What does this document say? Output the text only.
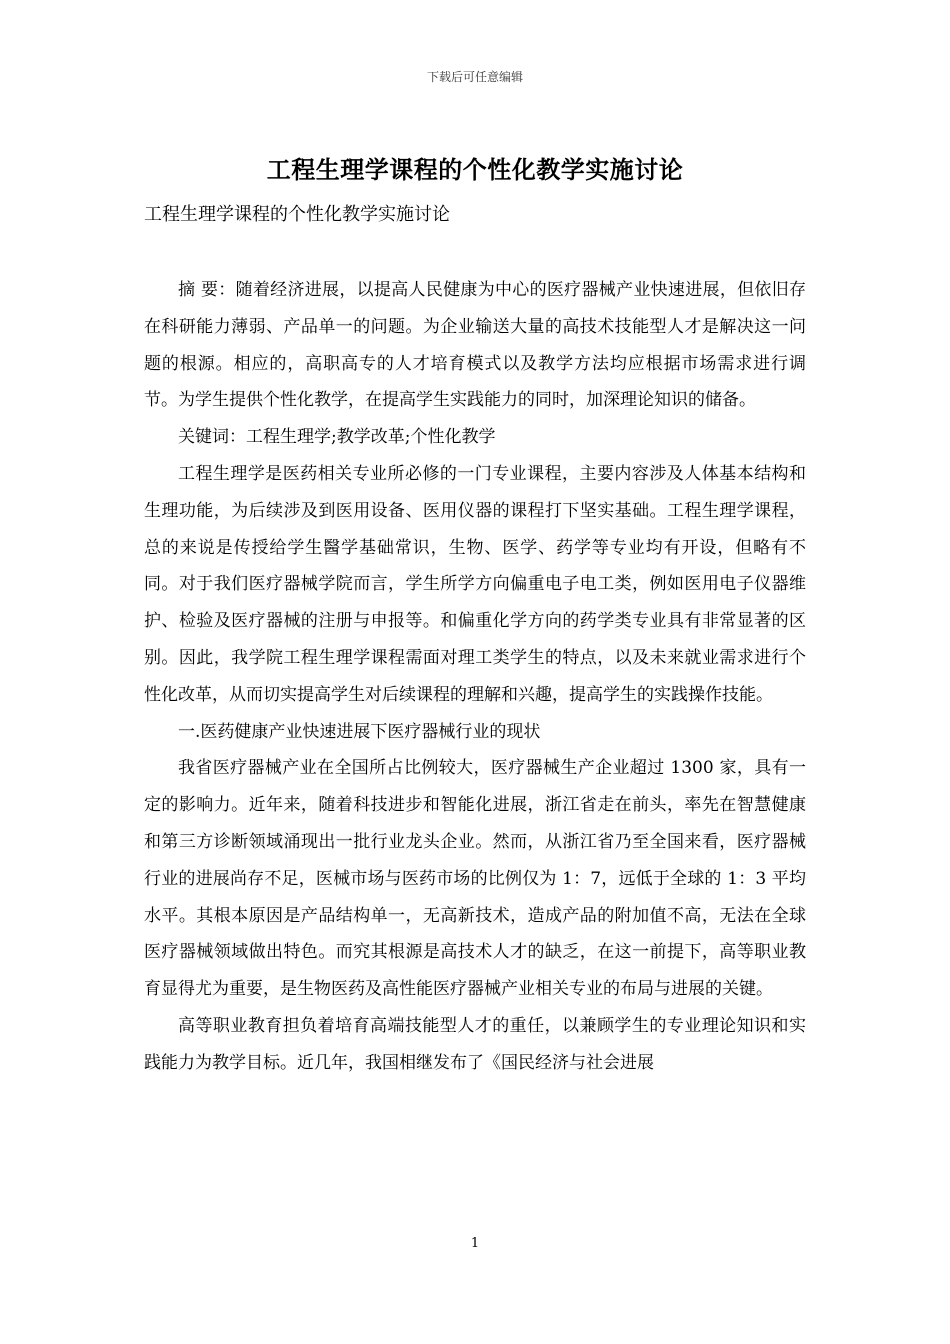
下载后可任意编辑
工程生理学课程的个性化教学实施讨论
工程生理学课程的个性化教学实施讨论

摘 要：随着经济进展，以提高人民健康为中心的医疗器械产业快速进展，但依旧存在科研能力薄弱、产品单一的问题。为企业输送大量的高技术技能型人才是解决这一问题的根源。相应的，高职高专的人才培育模式以及教学方法均应根据市场需求进行调节。为学生提供个性化教学，在提高学生实践能力的同时，加深理论知识的储备。

关键词：工程生理学;教学改革;个性化教学

工程生理学是医药相关专业所必修的一门专业课程，主要内容涉及人体基本结构和生理功能，为后续涉及到医用设备、医用仪器的课程打下坚实基础。工程生理学课程，总的来说是传授给学生醫学基础常识，生物、医学、药学等专业均有开设，但略有不同。对于我们医疗器械学院而言，学生所学方向偏重电子电工类，例如医用电子仪器维护、检验及医疗器械的注册与申报等。和偏重化学方向的药学类专业具有非常显著的区别。因此，我学院工程生理学课程需面对理工类学生的特点，以及未来就业需求进行个性化改革，从而切实提高学生对后续课程的理解和兴趣，提高学生的实践操作技能。

一.医药健康产业快速进展下医疗器械行业的现状

我省医疗器械产业在全国所占比例较大，医疗器械生产企业超过 1300 家，具有一定的影响力。近年来，随着科技进步和智能化进展，浙江省走在前头，率先在智慧健康和第三方诊断领域涌现出一批行业龙头企业。然而，从浙江省乃至全国来看，医疗器械行业的进展尚存不足，医械市场与医药市场的比例仅为 1：7，远低于全球的 1：3 平均水平。其根本原因是产品结构单一，无高新技术，造成产品的附加值不高，无法在全球医疗器械领域做出特色。而究其根源是高技术人才的缺乏，在这一前提下，高等职业教育显得尤为重要，是生物医药及高性能医疗器械产业相关专业的布局与进展的关键。

高等职业教育担负着培育高端技能型人才的重任，以兼顾学生的专业理论知识和实践能力为教学目标。近几年，我国相继发布了《国民经济与社会进展

1
